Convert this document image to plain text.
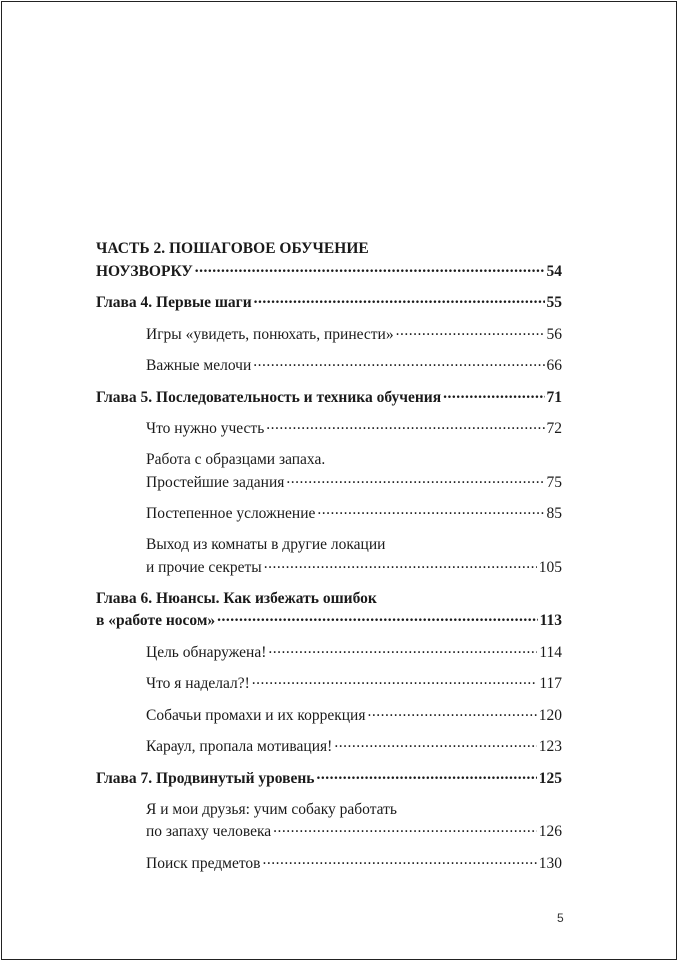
ЧАСТЬ 2. ПОШАГОВОЕ ОБУЧЕНИЕ
НОУЗВОРКУ .....	54
Глава 4. Первые шаги .....	55
Игры «увидеть, понюхать, принести» .....	56
Важные мелочи .....	66
Глава 5. Последовательность и техника обучения .....	71
Что нужно учесть .....	72
Работа с образцами запаха.
Простейшие задания .....	75
Постепенное усложнение .....	85
Выход из комнаты в другие локации
и прочие секреты .....	105
Глава 6. Нюансы. Как избежать ошибок
в «работе носом» .....	113
Цель обнаружена! .....	114
Что я наделал?! .....	117
Собачьи промахи и их коррекция .....	120
Караул, пропала мотивация! .....	123
Глава 7. Продвинутый уровень .....	125
Я и мои друзья: учим собаку работать
по запаху человека .....	126
Поиск предметов .....	130
5
